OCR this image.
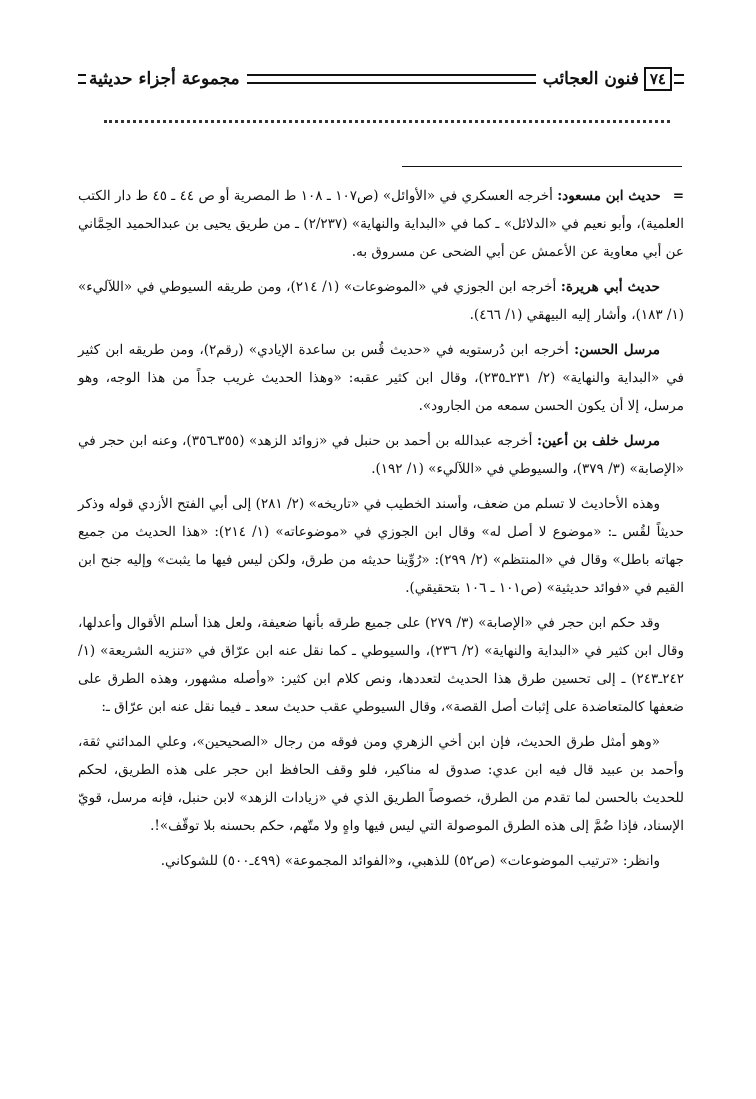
٧٤
فنون العجائب
مجموعة أجزاء حديثية

=حديث ابن مسعود: أخرجه العسكري في «الأوائل» (ص١٠٧ ـ ١٠٨ ط المصرية أو ص ٤٤ ـ ٤٥ ط دار الكتب العلمية)، وأبو نعيم في «الدلائل» ـ كما في «البداية والنهاية» (٢/٢٣٧) ـ من طريق يحيى بن عبدالحميد الحِمَّاني عن أبي معاوية عن الأعمش عن أبي الضحى عن مسروق به.

حديث أبي هريرة: أخرجه ابن الجوزي في «الموضوعات» (١/ ٢١٤)، ومن طريقه السيوطي في «اللآليء» (١/ ١٨٣)، وأشار إليه البيهقي (١/ ٤٦٦).

مرسل الحسن: أخرجه ابن دُرستويه في «حديث قُس بن ساعدة الإيادي» (رقم٢)، ومن طريقه ابن كثير في «البداية والنهاية» (٢/ ٢٣١ـ٢٣٥)، وقال ابن كثير عقبه: «وهذا الحديث غريب جداً من هذا الوجه، وهو مرسل، إلا أن يكون الحسن سمعه من الجارود».

مرسل خلف بن أعين: أخرجه عبدالله بن أحمد بن حنبل في «زوائد الزهد» (٣٥٥ـ٣٥٦)، وعنه ابن حجر في «الإصابة» (٣/ ٣٧٩)، والسيوطي في «اللآليء» (١/ ١٩٢).

وهذه الأحاديث لا تسلم من ضعف، وأسند الخطيب في «تاريخه» (٢/ ٢٨١) إلى أبي الفتح الأزدي قوله وذكر حديثاً لقُس ـ: «موضوع لا أصل له» وقال ابن الجوزي في «موضوعاته» (١/ ٢١٤): «هذا الحديث من جميع جهاته باطل» وقال في «المنتظم» (٢/ ٢٩٩): «رُوِّينا حديثه من طرق، ولكن ليس فيها ما يثبت» وإليه جنح ابن القيم في «فوائد حديثية» (ص١٠١ ـ ١٠٦ بتحقيقي).

وقد حكم ابن حجر في «الإصابة» (٣/ ٢٧٩) على جميع طرقه بأنها ضعيفة، ولعل هذا أسلم الأقوال وأعدلها، وقال ابن كثير في «البداية والنهاية» (٢/ ٢٣٦)، والسيوطي ـ كما نقل عنه ابن عرّاق في «تنزيه الشريعة» (١/ ٢٤٢ـ٢٤٣) ـ إلى تحسين طرق هذا الحديث لتعددها، ونص كلام ابن كثير: «وأصله مشهور، وهذه الطرق على ضعفها كالمتعاضدة على إثبات أصل القصة»، وقال السيوطي عقب حديث سعد ـ فيما نقل عنه ابن عرّاق ـ:

«وهو أمثل طرق الحديث، فإن ابن أخي الزهري ومن فوقه من رجال «الصحيحين»، وعلي المدائني ثقة، وأحمد بن عبيد قال فيه ابن عدي: صدوق له مناكير، فلو وقف الحافظ ابن حجر على هذه الطريق، لحكم للحديث بالحسن لما تقدم من الطرق، خصوصاً الطريق الذي في «زيادات الزهد» لابن حنبل، فإنه مرسل، قويّ الإسناد، فإذا ضُمَّ إلى هذه الطرق الموصولة التي ليس فيها واهٍ ولا متّهم، حكم بحسنه بلا توقّف»!.

وانظر: «ترتيب الموضوعات» (ص٥٢) للذهبي، و«الفوائد المجموعة» (٤٩٩ـ٥٠٠) للشوكاني.
